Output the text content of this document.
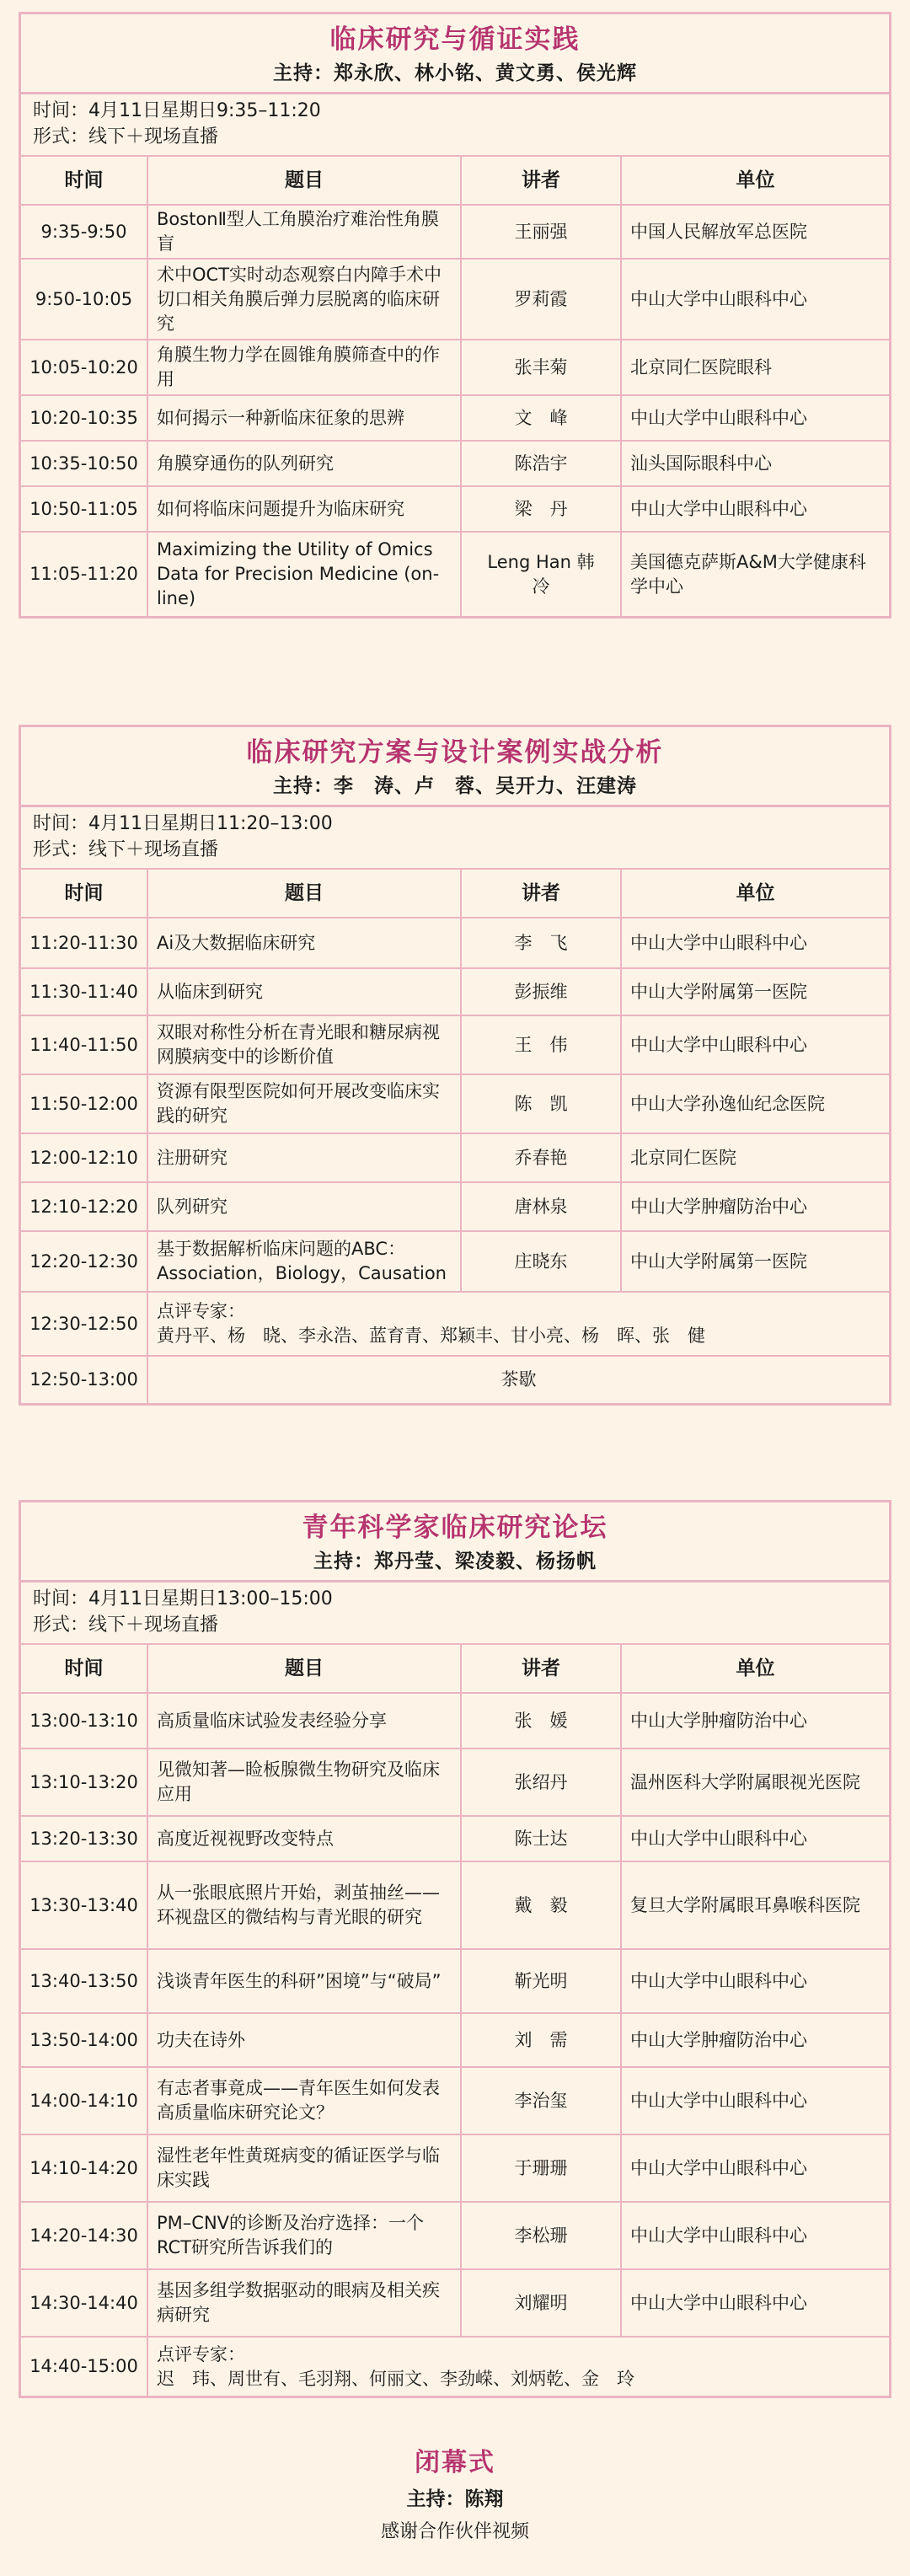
临床研究与循证实践
主持：郑永欣、林小铭、黄文勇、侯光辉
时间：4月11日星期日9:35–11:20
形式：线下＋现场直播
时间	题目	讲者	单位
9:35-9:50	BostonⅡ型人工角膜治疗难治性角膜盲	王丽强	中国人民解放军总医院
9:50-10:05	术中OCT实时动态观察白内障手术中切口相关角膜后弹力层脱离的临床研究	罗莉霞	中山大学中山眼科中心
10:05-10:20	角膜生物力学在圆锥角膜筛查中的作用	张丰菊	北京同仁医院眼科
10:20-10:35	如何揭示一种新临床征象的思辨	文　峰	中山大学中山眼科中心
10:35-10:50	角膜穿通伤的队列研究	陈浩宇	汕头国际眼科中心
10:50-11:05	如何将临床问题提升为临床研究	梁　丹	中山大学中山眼科中心
11:05-11:20	Maximizing the Utility of Omics Data for Precision Medicine (on-line)	Leng Han 韩　冷	美国德克萨斯A&M大学健康科学中心
临床研究方案与设计案例实战分析
主持：李　涛、卢　蓉、吴开力、汪建涛
时间：4月11日星期日11:20–13:00
形式：线下＋现场直播
时间	题目	讲者	单位
11:20-11:30	Ai及大数据临床研究	李　飞	中山大学中山眼科中心
11:30-11:40	从临床到研究	彭振维	中山大学附属第一医院
11:40-11:50	双眼对称性分析在青光眼和糖尿病视网膜病变中的诊断价值	王　伟	中山大学中山眼科中心
11:50-12:00	资源有限型医院如何开展改变临床实践的研究	陈　凯	中山大学孙逸仙纪念医院
12:00-12:10	注册研究	乔春艳	北京同仁医院
12:10-12:20	队列研究	唐林泉	中山大学肿瘤防治中心
12:20-12:30	基于数据解析临床问题的ABC：Association，Biology，Causation	庄晓东	中山大学附属第一医院
12:30-12:50	点评专家：
黄丹平、杨　晓、李永浩、蓝育青、郑颖丰、甘小亮、杨　晖、张　健		
12:50-13:00	茶歇		
青年科学家临床研究论坛
主持：郑丹莹、梁凌毅、杨扬帆
时间：4月11日星期日13:00–15:00
形式：线下＋现场直播
时间	题目	讲者	单位
13:00-13:10	高质量临床试验发表经验分享	张　媛	中山大学肿瘤防治中心
13:10-13:20	见微知著—睑板腺微生物研究及临床应用	张绍丹	温州医科大学附属眼视光医院
13:20-13:30	高度近视视野改变特点	陈士达	中山大学中山眼科中心
13:30-13:40	从一张眼底照片开始，剥茧抽丝——环视盘区的微结构与青光眼的研究	戴　毅	复旦大学附属眼耳鼻喉科医院
13:40-13:50	浅谈青年医生的科研”困境”与“破局”	靳光明	中山大学中山眼科中心
13:50-14:00	功夫在诗外	刘　需	中山大学肿瘤防治中心
14:00-14:10	有志者事竟成——青年医生如何发表高质量临床研究论文？	李治玺	中山大学中山眼科中心
14:10-14:20	湿性老年性黄斑病变的循证医学与临床实践	于珊珊	中山大学中山眼科中心
14:20-14:30	PM–CNV的诊断及治疗选择：一个RCT研究所告诉我们的	李松珊	中山大学中山眼科中心
14:30-14:40	基因多组学数据驱动的眼病及相关疾病研究	刘耀明	中山大学中山眼科中心
14:40-15:00	点评专家：
迟　玮、周世有、毛羽翔、何丽文、李劲嵘、刘炳乾、金　玲		
闭幕式
主持：陈翔
感谢合作伙伴视频
